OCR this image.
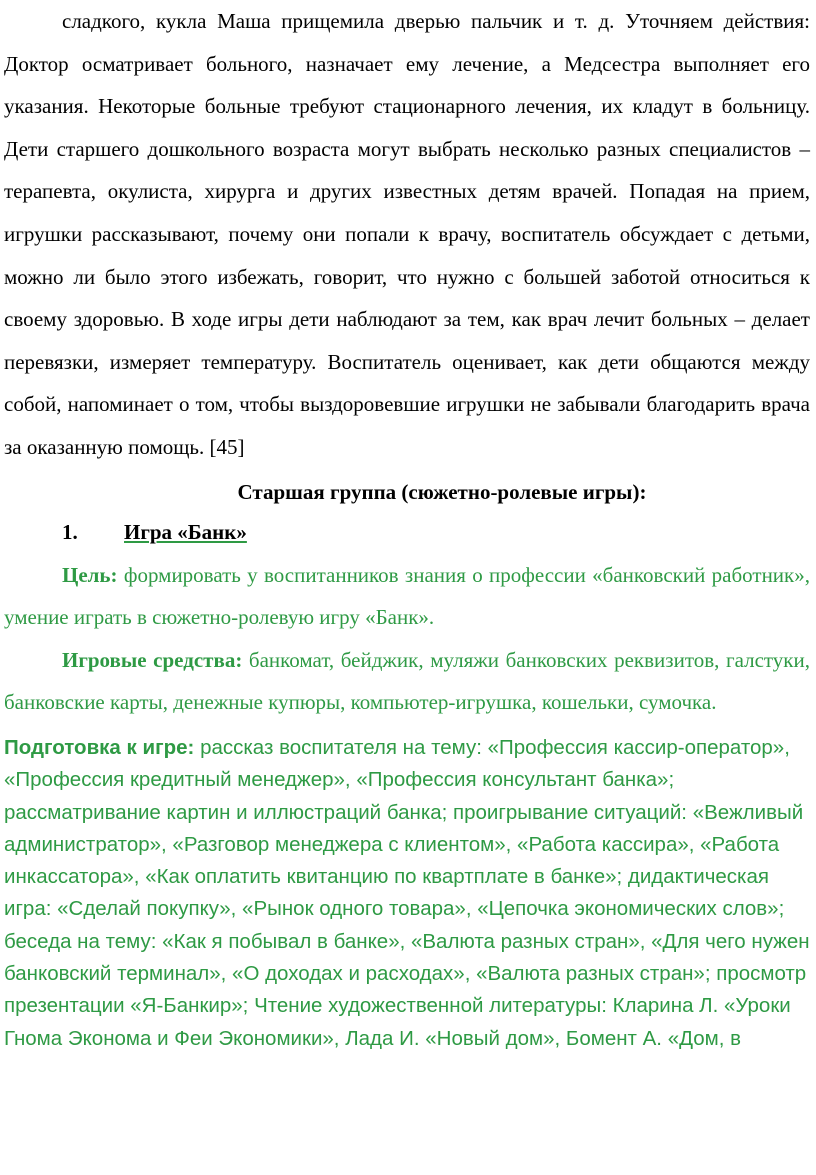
сладкого, кукла Маша прищемила дверью пальчик и т. д. Уточняем действия: Доктор осматривает больного, назначает ему лечение, а Медсестра выполняет его указания. Некоторые больные требуют стационарного лечения, их кладут в больницу. Дети старшего дошкольного возраста могут выбрать несколько разных специалистов – терапевта, окулиста, хирурга и других известных детям врачей. Попадая на прием, игрушки рассказывают, почему они попали к врачу, воспитатель обсуждает с детьми, можно ли было этого избежать, говорит, что нужно с большей заботой относиться к своему здоровью. В ходе игры дети наблюдают за тем, как врач лечит больных – делает перевязки, измеряет температуру. Воспитатель оценивает, как дети общаются между собой, напоминает о том, чтобы выздоровевшие игрушки не забывали благодарить врача за оказанную помощь. [45]

Старшая группа (сюжетно-ролевые игры):
1. Игра «Банк»

Цель: формировать у воспитанников знания о профессии «банковский работник», умение играть в сюжетно-ролевую игру «Банк».

Игровые средства: банкомат, бейджик, муляжи банковских реквизитов, галстуки, банковские карты, денежные купюры, компьютер-игрушка, кошельки, сумочка.

Подготовка к игре: рассказ воспитателя на тему: «Профессия кассир-оператор», «Профессия кредитный менеджер», «Профессия консультант банка»; рассматривание картин и иллюстраций банка; проигрывание ситуаций: «Вежливый администратор», «Разговор менеджера с клиентом», «Работа кассира», «Работа инкассатора», «Как оплатить квитанцию по квартплате в банке»; дидактическая игра: «Сделай покупку», «Рынок одного товара», «Цепочка экономических слов»; беседа на тему: «Как я побывал в банке», «Валюта разных стран», «Для чего нужен банковский терминал», «О доходах и расходах», «Валюта разных стран»; просмотр презентации «Я-Банкир»; Чтение художественной литературы: Кларина Л. «Уроки Гнома Эконома и Феи Экономики», Лада И. «Новый дом», Бомент А. «Дом, в
